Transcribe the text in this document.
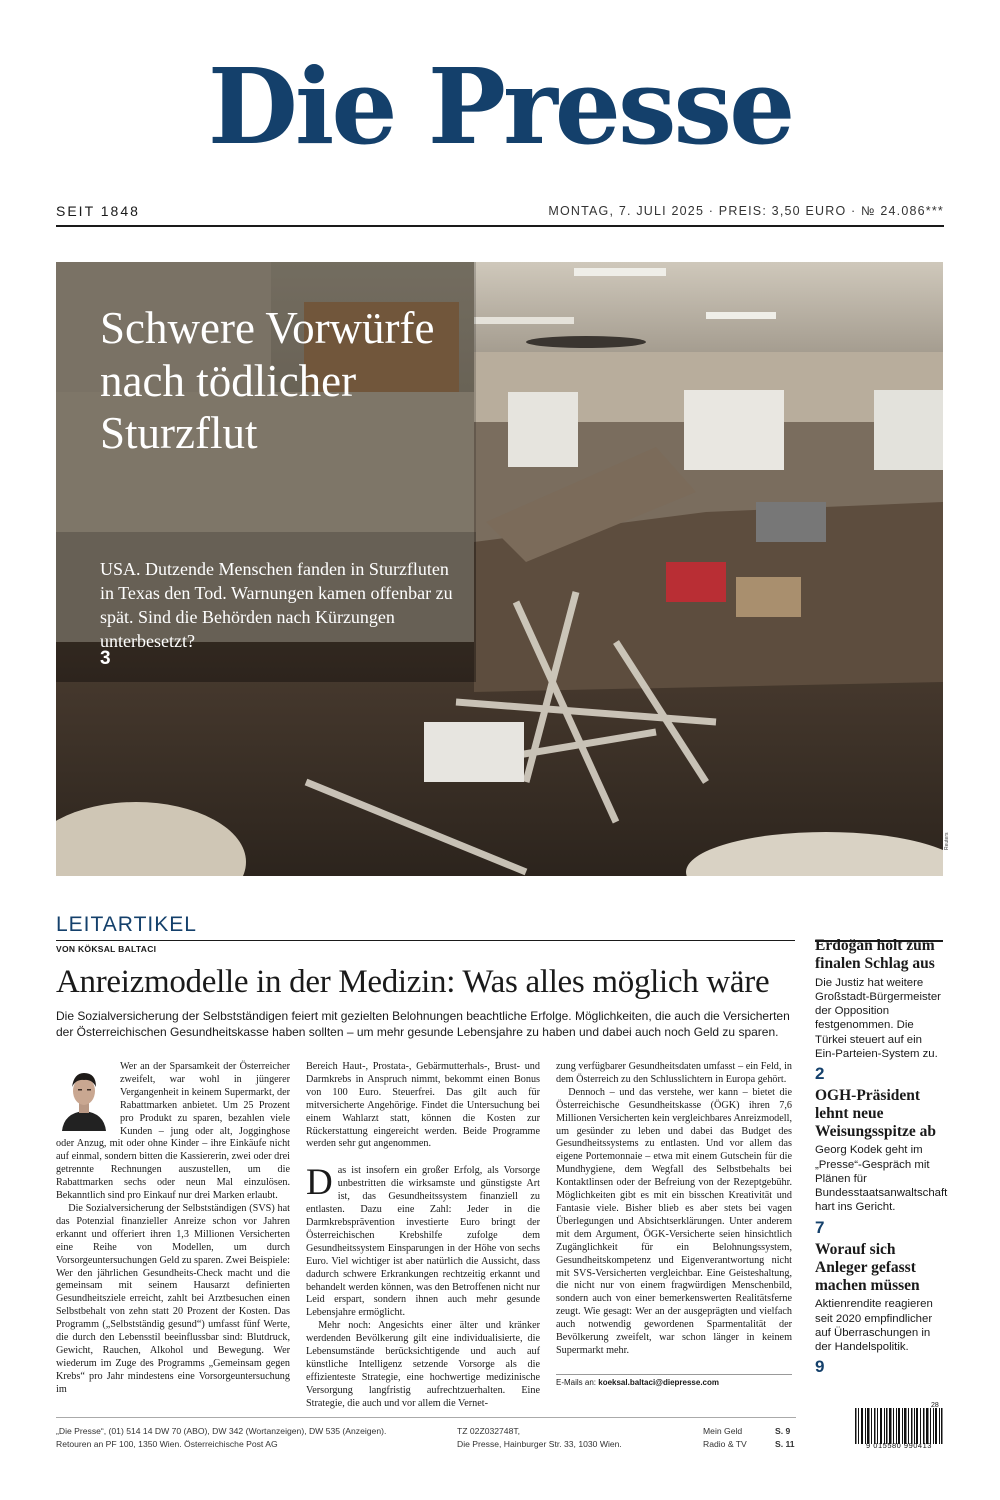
Die Presse
SEIT 1848	MONTAG, 7. JULI 2025 · PREIS: 3,50 EURO · № 24.086***
Schwere Vorwürfe nach tödlicher Sturzflut
USA. Dutzende Menschen fanden in Sturzfluten in Texas den Tod. Warnungen kamen offenbar zu spät. Sind die Behörden nach Kürzungen unterbesetzt?
3
Reuters
LEITARTIKEL
VON KÖKSAL BALTACI
Anreizmodelle in der Medizin: Was alles möglich wäre
Die Sozialversicherung der Selbstständigen feiert mit gezielten Belohnungen beachtliche Erfolge. Möglichkeiten, die auch die Versicherten der Österreichischen Gesundheitskasse haben sollten – um mehr gesunde Lebensjahre zu haben und dabei auch noch Geld zu sparen.

Wer an der Sparsamkeit der Österreicher zweifelt, war wohl in jüngerer Vergangenheit in keinem Supermarkt, der Rabattmarken anbietet. Um 25 Prozent pro Produkt zu sparen, bezahlen viele Kunden – jung oder alt, Jogginghose oder Anzug, mit oder ohne Kinder – ihre Einkäufe nicht auf einmal, sondern bitten die Kassiererin, zwei oder drei getrennte Rechnungen auszustellen, um die Rabattmarken sechs oder neun Mal einzulösen. Bekanntlich sind pro Einkauf nur drei Marken erlaubt.

Die Sozialversicherung der Selbstständigen (SVS) hat das Potenzial finanzieller Anreize schon vor Jahren erkannt und offeriert ihren 1,3 Millionen Versicherten eine Reihe von Modellen, um durch Vorsorgeuntersuchungen Geld zu sparen. Zwei Beispiele: Wer den jährlichen Gesundheits-Check macht und die gemeinsam mit seinem Hausarzt definierten Gesundheitsziele erreicht, zahlt bei Arztbesuchen einen Selbstbehalt von zehn statt 20 Prozent der Kosten. Das Programm („Selbstständig gesund“) umfasst fünf Werte, die durch den Lebensstil beeinflussbar sind: Blutdruck, Gewicht, Rauchen, Alkohol und Bewegung. Wer wiederum im Zuge des Programms „Gemeinsam gegen Krebs“ pro Jahr mindestens eine Vorsorgeuntersuchung im

Bereich Haut-, Prostata-, Gebärmutterhals-, Brust- und Darmkrebs in Anspruch nimmt, bekommt einen Bonus von 100 Euro. Steuerfrei. Das gilt auch für mitversicherte Angehörige. Findet die Untersuchung bei einem Wahlarzt statt, können die Kosten zur Rückerstattung eingereicht werden. Beide Programme werden sehr gut angenommen.

Das ist insofern ein großer Erfolg, als Vorsorge unbestritten die wirksamste und günstigste Art ist, das Gesundheitssystem finanziell zu entlasten. Dazu eine Zahl: Jeder in die Darmkrebsprävention investierte Euro bringt der Österreichischen Krebshilfe zufolge dem Gesundheitssystem Einsparungen in der Höhe von sechs Euro. Viel wichtiger ist aber natürlich die Aussicht, dass dadurch schwere Erkrankungen rechtzeitig erkannt und behandelt werden können, was den Betroffenen nicht nur Leid erspart, sondern ihnen auch mehr gesunde Lebensjahre ermöglicht.

Mehr noch: Angesichts einer älter und kränker werdenden Bevölkerung gilt eine individualisierte, die Lebensumstände berücksichtigende und auch auf künstliche Intelligenz setzende Vorsorge als die effizienteste Strategie, eine hochwertige medizinische Versorgung langfristig aufrechtzuerhalten. Eine Strategie, die auch und vor allem die Vernet-

zung verfügbarer Gesundheitsdaten umfasst – ein Feld, in dem Österreich zu den Schlusslichtern in Europa gehört.

Dennoch – und das verstehe, wer kann – bietet die Österreichische Gesundheitskasse (ÖGK) ihren 7,6 Millionen Versicherten kein vergleichbares Anreizmodell, um gesünder zu leben und dabei das Budget des Gesundheitssystems zu entlasten. Und vor allem das eigene Portemonnaie – etwa mit einem Gutschein für die Mundhygiene, dem Wegfall des Selbstbehalts bei Kontaktlinsen oder der Befreiung von der Rezeptgebühr. Möglichkeiten gibt es mit ein bisschen Kreativität und Fantasie viele. Bisher blieb es aber stets bei vagen Überlegungen und Absichtserklärungen. Unter anderem mit dem Argument, ÖGK-Versicherte seien hinsichtlich Zugänglichkeit für ein Belohnungssystem, Gesundheitskompetenz und Eigenverantwortung nicht mit SVS-Versicherten vergleichbar. Eine Geisteshaltung, die nicht nur von einem fragwürdigen Menschenbild, sondern auch von einer bemerkenswerten Realitätsferne zeugt. Wie gesagt: Wer an der ausgeprägten und vielfach auch notwendig gewordenen Sparmentalität der Bevölkerung zweifelt, war schon länger in keinem Supermarkt mehr.

E-Mails an: koeksal.baltaci@diepresse.com
Erdoğan holt zum finalen Schlag aus
Die Justiz hat weitere Großstadt-Bürgermeister der Opposition festgenommen. Die Türkei steuert auf ein Ein-Parteien-System zu.
2
OGH-Präsident lehnt neue Weisungsspitze ab
Georg Kodek geht im „Presse“-Gespräch mit Plänen für Bundesstaatsanwaltschaft hart ins Gericht.
7
Worauf sich Anleger gefasst machen müssen
Aktienrendite reagieren seit 2020 empfindlicher auf Überraschungen in der Handelspolitik.
9
„Die Presse“, (01) 514 14 DW 70 (ABO), DW 342 (Wortanzeigen), DW 535 (Anzeigen).
Retouren an PF 100, 1350 Wien. Österreichische Post AG
TZ 02Z032748T,
Die Presse, Hainburger Str. 33, 1030 Wien.
Mein Geld	S. 9
Radio & TV	S. 11
28
9 015580 990413
